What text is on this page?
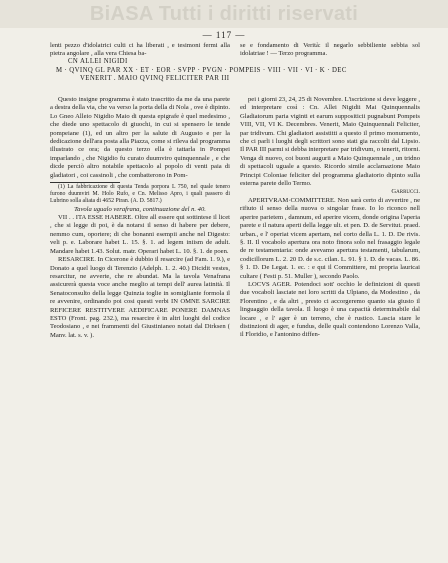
BiASA Tutti i diritti riservati
— 117 —

lenti pezzo d'idolatrici culti ci ha liberati , e tesimoni fermi alla pietra angolare , alla vera Chiesa ba-

se e fondamento di Verità: il negarlo sebbiliente sebbia sol idolatriae ! — Terzo programma.

CN ALLEI NIGIDI
M · QVINQ GL PAR XX · ET · EOR · SVPP · PVGN · POMPEIS · VIII · VII · VI · K · DEC
VENERIT . MAIO QVINQ FELICITER PAR III

Questo insigne programma è stato trascritto da me da una parete a destra della via, che va verso la porta della di Nola , ove è dipinto. Lo Gneo Alleio Nigidio Maio di questa epigrafe è quel medesimo , che diede uno spettacolo di giuochi, in cui si spensero le tende pompeiane (1), ed un altro per la salute di Augusto e per la dedicazione dell'ara posta alla Piazza, come si rileva dal programma illustrato ce ora; da questo terzo ella è tattarla in Pompei imparlando , che Nigidio fu curato duumviro quinquennale , e che dicde perciò altro notabile spettacolo al popolo di venti paia di gladiatori , coi cassinoli , che combatterono in Pom-

(1) La fabbricazione di questa Tenda porpora L 750, nel quale tenero furono duumviri M. Holo Rufo, e Cn. Melisso Apro, i quali passero di Lubrino solla aliata di 4652 Piran. (A. D. 5817.)

Tavola ugualo verafrana, continuazione del n. 40.

VII . . ITA ESSE HABERE. Oltre all essere qui sottintese il licet , che si legge di poi, è da notarsi il senso di habere per debere, nemmo cum, oportere; di che bonanni esempii anche nel Digesto: veli p. e. Laborare habet L. 15. §. 1. ad legem iniism de adult. Mandare habet 1.43. Solut. matr. Operari habet L. 10. §. 1. de poen.

RESARCIRE. In Cicerone è dubbio il resarcire (ad Fam. 1. 9.), e Donato a quel luogo di Terenzio (Adelph. 1. 2. 40.) Dicidit vestes, resarcitur, ne avverte, che re abundat. Ma la tavola Venafrana assicurerà questa voce anche meglio ai tempi dell' aurea latinità. Il Senatoconsulto della legge Quinzia toglie in somigliante formola il re avvenire, ordinando poi cosi questi verbi IN OMNE SARCIRE REFICERE RESTITVERE AEDIFICARE PONERE DAMNAS ESTO (Front. pag. 232.), ma resarcire è in altri luoghi del codice Teodosiano , e nei frammenti del Giustinianeo notati dal Dirksen ( Manv. lat. s. v. ).

pei i giorni 23, 24, 25 di Novembre. L'iscrizione si deve leggere , ed interpretare così : Cn. Allei Nigidii Mai Quinquennalis Gladiatorum paria viginti et earum suppositicii pugnabunt Pompeis VIII, VII, VI K. Decembres. Venerit, Maio Quinquennali Feliciter, par tridivum. Chi gladiatori assistitti a questo il primo monumento, che ci parli i luoghi degli scrittori sono stati gia raccolti dal Lipsio. Il PAR III parmi si debba interpretare par tridivum, o tenerit, ritorni. Venga di nuovo, coi buoni augurii a Maio Quinquennale , un tridno di spettacoli uguale a questo. Ricordo simile acclamazione Maio Principi Coloniae feliciter del programma gladiatorio dipinto sulla esterna parete dello Termo.

Garrucci.

APERTVRAM·COMMITTERE. Non sarà certo di avvertire , ne rifiuto il senso della nuova o singolar frase. Io lo riconco nell aperire parietem , damnum, ed aperire vicem, donde origina l'aperia parete e il natura aperti della legge ult. et pen. D. de Servitut. praed. urban., e l' operiat vicem apertam, nel corto della L. 1. D. De rivis. §. II. Il vocabolo apertura ora noto finora solo nel frasaggio legale de re testamentaria: onde avevamo apertura testamenti, tabularum, codicillorum L. 2. 20 D. de s.c. cilan. L. 91. § 1. D. de vacas. L. 86. § 1. D. De Legat. 1. ec. : e qui il Committere, mi propria lauricai cultare ( Festi p. 51. Muller ), secondo Paolo.

LOCVS AGER. Potendoci sott' occhio le definizioni di questi due vocaboli lasciate nei loro scritti da Ulpiano, da Modestino , da Florentino , e da altri , presto ci accorgeremo quanto sia giusto il linguaggio della tavola. Il luogo è una capacità determinabile dal locare , e l' ager è un terreno, che è rustico. Lascia stare le distinzioni di ager, e fundus, delle quali contendono Lorenzo Valla, il Floridio, e l'antonino diffen-
